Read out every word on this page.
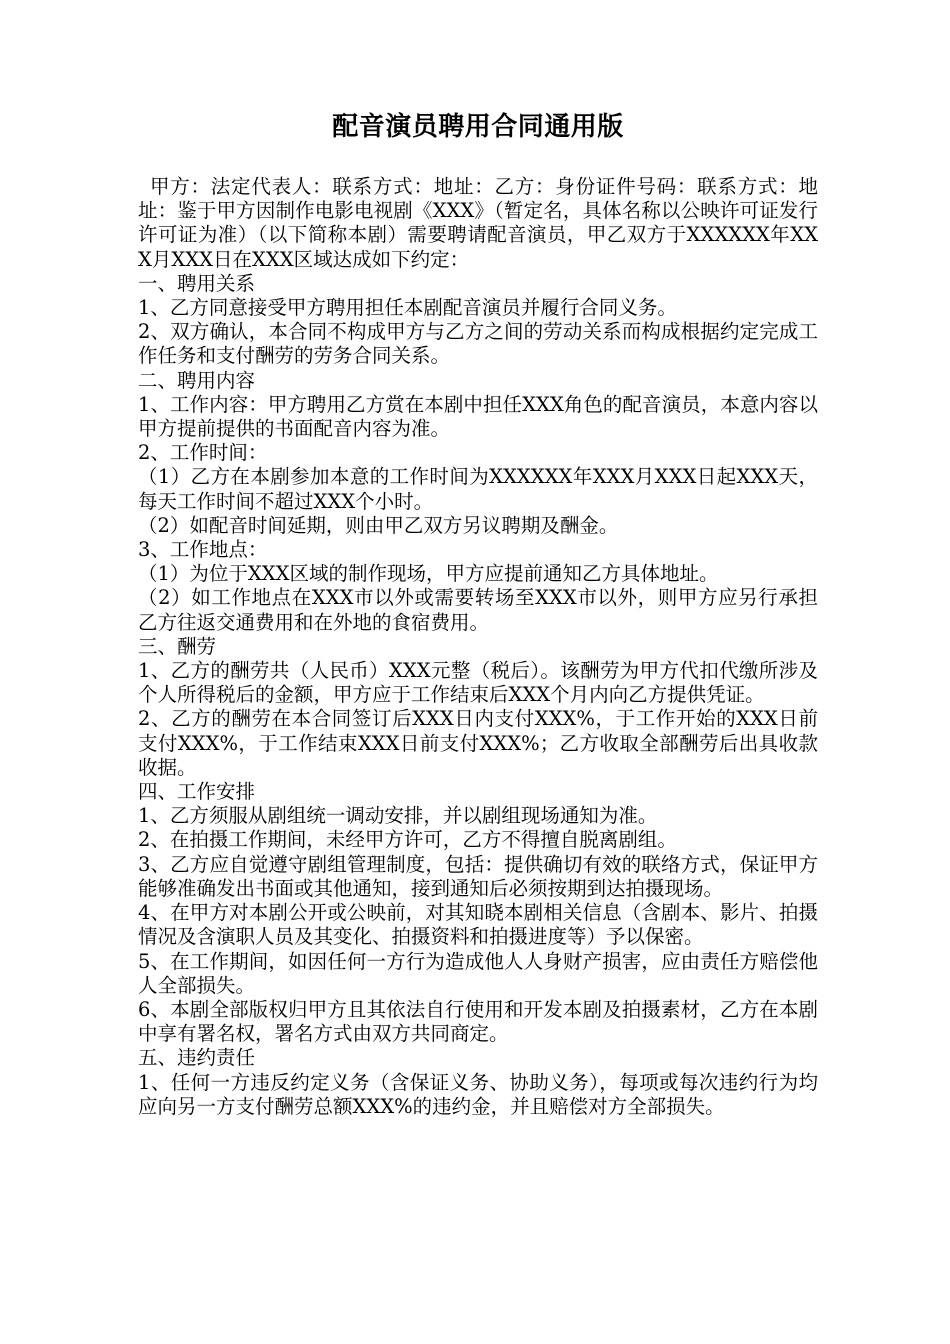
配音演员聘用合同通用版

甲方：法定代表人：联系方式：地址：乙方：身份证件号码：联系方式：地址：鉴于甲方因制作电影电视剧《XXX》（暂定名，具体名称以公映许可证发行许可证为准）（以下简称本剧）需要聘请配音演员，甲乙双方于XXXXXX年XXX月XXX日在XXX区域达成如下约定：

一、聘用关系

1、乙方同意接受甲方聘用担任本剧配音演员并履行合同义务。

2、双方确认，本合同不构成甲方与乙方之间的劳动关系而构成根据约定完成工作任务和支付酬劳的劳务合同关系。

二、聘用内容

1、工作内容：甲方聘用乙方赏在本剧中担任XXX角色的配音演员，本意内容以甲方提前提供的书面配音内容为准。

2、工作时间：

（1）乙方在本剧参加本意的工作时间为XXXXXX年XXX月XXX日起XXX天，每天工作时间不超过XXX个小时。

（2）如配音时间延期，则由甲乙双方另议聘期及酬金。

3、工作地点：

（1）为位于XXX区域的制作现场，甲方应提前通知乙方具体地址。

（2）如工作地点在XXX市以外或需要转场至XXX市以外，则甲方应另行承担乙方往返交通费用和在外地的食宿费用。

三、酬劳

1、乙方的酬劳共（人民币）XXX元整（税后）。该酬劳为甲方代扣代缴所涉及个人所得税后的金额，甲方应于工作结束后XXX个月内向乙方提供凭证。

2、乙方的酬劳在本合同签订后XXX日内支付XXX%，于工作开始的XXX日前支付XXX%，于工作结束XXX日前支付XXX%；乙方收取全部酬劳后出具收款收据。

四、工作安排

1、乙方须服从剧组统一调动安排，并以剧组现场通知为准。

2、在拍摄工作期间，未经甲方许可，乙方不得擅自脱离剧组。

3、乙方应自觉遵守剧组管理制度，包括：提供确切有效的联络方式，保证甲方能够准确发出书面或其他通知，接到通知后必须按期到达拍摄现场。

4、在甲方对本剧公开或公映前，对其知晓本剧相关信息（含剧本、影片、拍摄情况及含演职人员及其变化、拍摄资料和拍摄进度等）予以保密。

5、在工作期间，如因任何一方行为造成他人人身财产损害，应由责任方赔偿他人全部损失。

6、本剧全部版权归甲方且其依法自行使用和开发本剧及拍摄素材，乙方在本剧中享有署名权，署名方式由双方共同商定。

五、违约责任

1、任何一方违反约定义务（含保证义务、协助义务），每项或每次违约行为均应向另一方支付酬劳总额XXX%的违约金，并且赔偿对方全部损失。
